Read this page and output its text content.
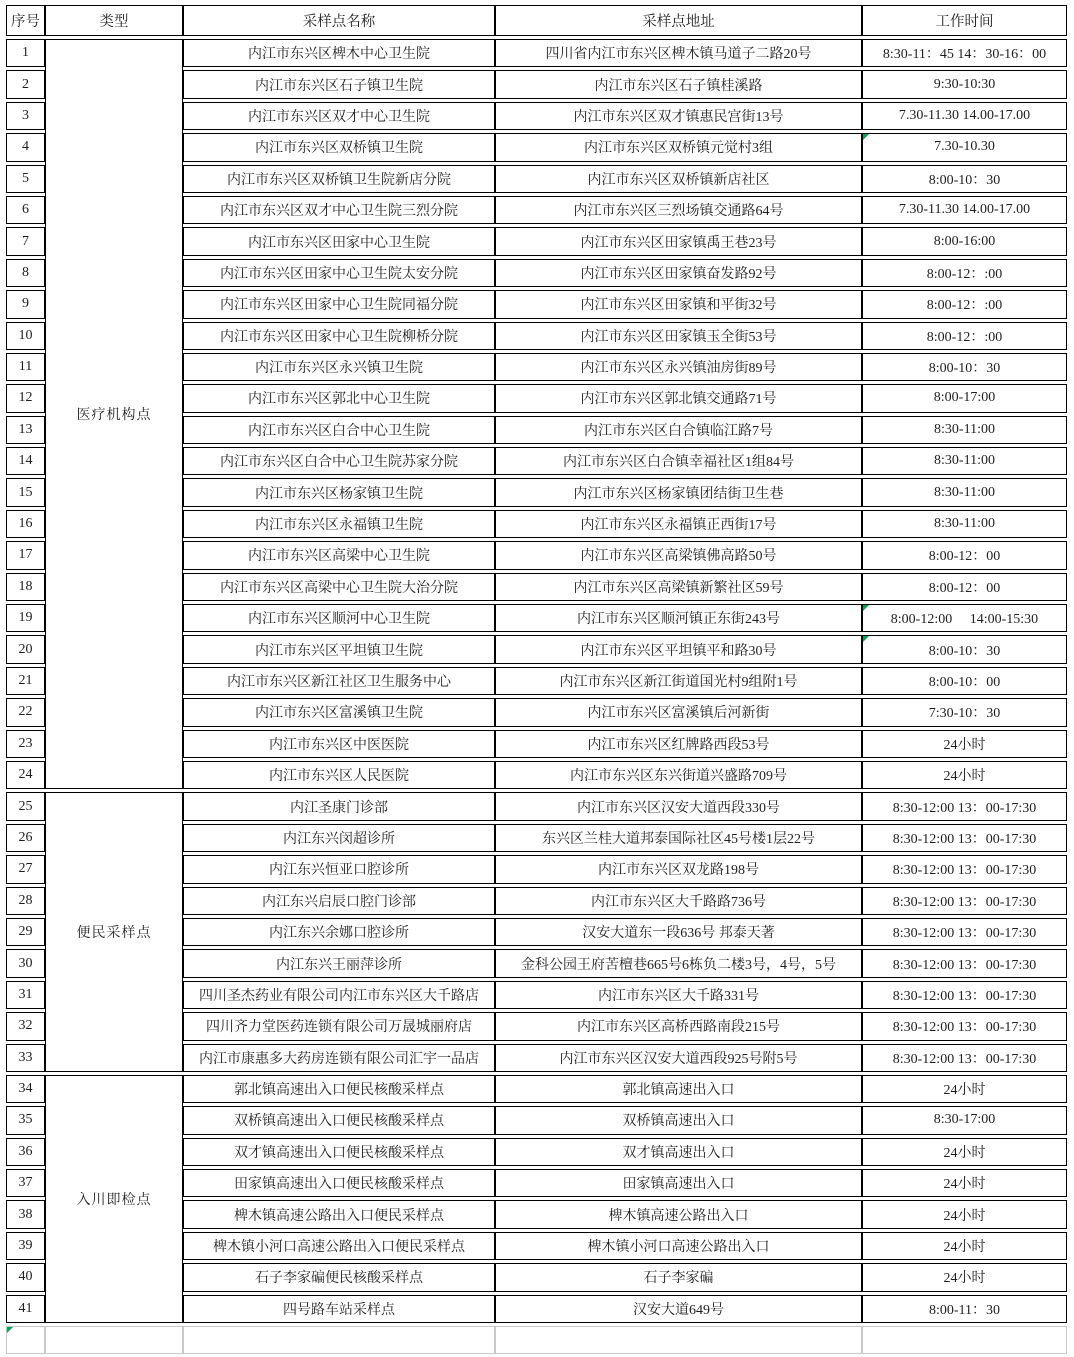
序号	类型	采样点名称	采样点地址	工作时间
1	医疗机构点	内江市东兴区椑木中心卫生院	四川省内江市东兴区椑木镇马道子二路20号	8:30-11：45 14：30-16：00
2		内江市东兴区石子镇卫生院	内江市东兴区石子镇桂溪路	9:30-10:30
3		内江市东兴区双才中心卫生院	内江市东兴区双才镇惠民宫街13号	7.30-11.30 14.00-17.00
4		内江市东兴区双桥镇卫生院	内江市东兴区双桥镇元觉村3组	7.30-10.30

5		内江市东兴区双桥镇卫生院新店分院	内江市东兴区双桥镇新店社区	8:00-10：30
6		内江市东兴区双才中心卫生院三烈分院	内江市东兴区三烈场镇交通路64号	7.30-11.30 14.00-17.00
7		内江市东兴区田家中心卫生院	内江市东兴区田家镇禹王巷23号	8:00-16:00
8		内江市东兴区田家中心卫生院太安分院	内江市东兴区田家镇奋发路92号	8:00-12：:00
9		内江市东兴区田家中心卫生院同福分院	内江市东兴区田家镇和平街32号	8:00-12：:00
10		内江市东兴区田家中心卫生院柳桥分院	内江市东兴区田家镇玉全街53号	8:00-12：:00
11		内江市东兴区永兴镇卫生院	内江市东兴区永兴镇油房街89号	8:00-10：30
12		内江市东兴区郭北中心卫生院	内江市东兴区郭北镇交通路71号	8:00-17:00
13		内江市东兴区白合中心卫生院	内江市东兴区白合镇临江路7号	8:30-11:00
14		内江市东兴区白合中心卫生院苏家分院	内江市东兴区白合镇幸福社区1组84号	8:30-11:00
15		内江市东兴区杨家镇卫生院	内江市东兴区杨家镇团结街卫生巷	8:30-11:00
16		内江市东兴区永福镇卫生院	内江市东兴区永福镇正西街17号	8:30-11:00
17		内江市东兴区高梁中心卫生院	内江市东兴区高梁镇佛高路50号	8:00-12：00
18		内江市东兴区高梁中心卫生院大治分院	内江市东兴区高梁镇新繁社区59号	8:00-12：00
19		内江市东兴区顺河中心卫生院	内江市东兴区顺河镇正东街243号	8:00-12:00　 14:00-15:30

20		内江市东兴区平坦镇卫生院	内江市东兴区平坦镇平和路30号	8:00-10：30

21		内江市东兴区新江社区卫生服务中心	内江市东兴区新江街道国光村9组附1号	8:00-10：00
22		内江市东兴区富溪镇卫生院	内江市东兴区富溪镇后河新街	7:30-10：30
23		内江市东兴区中医医院	内江市东兴区红牌路西段53号	24小时
24		内江市东兴区人民医院	内江市东兴区东兴街道兴盛路709号	24小时
25	便民采样点	内江圣康门诊部	内江市东兴区汉安大道西段330号	8:30-12:00 13：00-17:30
26		内江东兴闵超诊所	东兴区兰桂大道邦泰国际社区45号楼1层22号	8:30-12:00 13：00-17:30
27		内江东兴恒亚口腔诊所	内江市东兴区双龙路198号	8:30-12:00 13：00-17:30
28		内江东兴启辰口腔门诊部	内江市东兴区大千路路736号	8:30-12:00 13：00-17:30
29		内江东兴余娜口腔诊所	汉安大道东一段636号 邦泰天著	8:30-12:00 13：00-17:30
30		内江东兴王丽萍诊所	金科公园王府苦檀巷665号6栋负二楼3号，4号，5号	8:30-12:00 13：00-17:30
31		四川圣杰药业有限公司内江市东兴区大千路店	内江市东兴区大千路331号	8:30-12:00 13：00-17:30
32		四川齐力堂医药连锁有限公司万晟城丽府店	内江市东兴区高桥西路南段215号	8:30-12:00 13：00-17:30
33		内江市康惠多大药房连锁有限公司汇宇一品店	内江市东兴区汉安大道西段925号附5号	8:30-12:00 13：00-17:30
34	入川即检点	郭北镇高速出入口便民核酸采样点	郭北镇高速出入口	24小时
35		双桥镇高速出入口便民核酸采样点	双桥镇高速出入口	8:30-17:00
36		双才镇高速出入口便民核酸采样点	双才镇高速出入口	24小时
37		田家镇高速出入口便民核酸采样点	田家镇高速出入口	24小时
38		椑木镇高速公路出入口便民采样点	椑木镇高速公路出入口	24小时
39		椑木镇小河口高速公路出入口便民采样点	椑木镇小河口高速公路出入口	24小时
40		石子李家碥便民核酸采样点	石子李家碥	24小时
41		四号路车站采样点	汉安大道649号	8:00-11：30
